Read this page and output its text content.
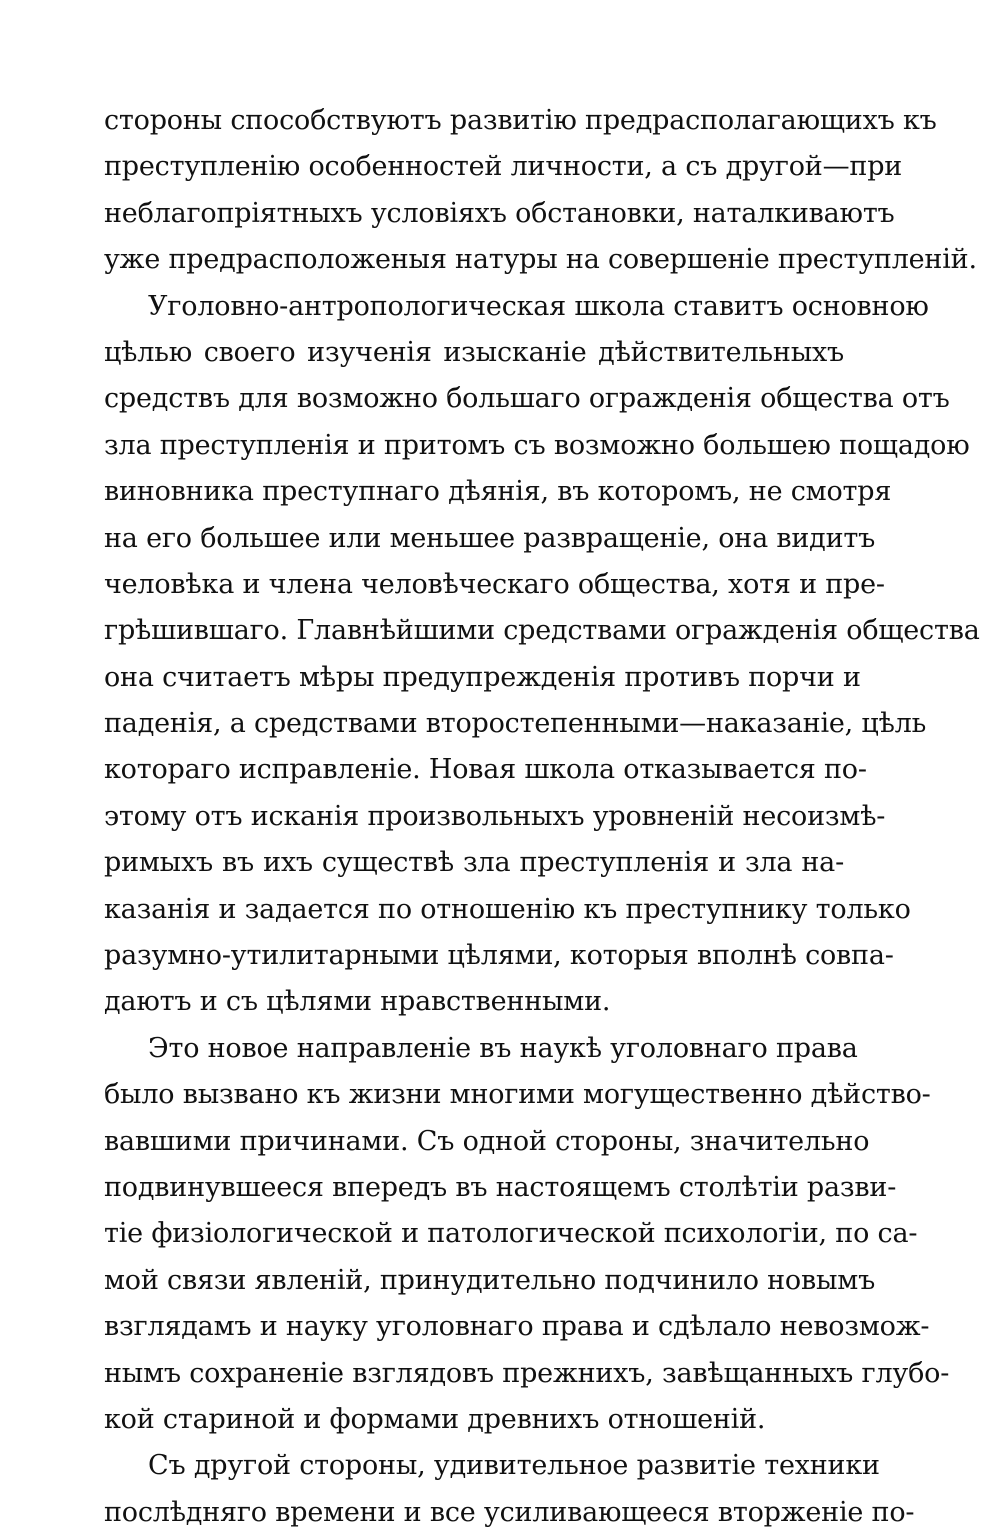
стороны способствуютъ развитію предрасполагающихъ къ
преступленію особенностей личности, а съ другой—при
неблагопріятныхъ условіяхъ обстановки, наталкиваютъ
уже предрасположеныя натуры на совершеніе преступленій.
Уголовно-антропологическая школа ставитъ основною
цѣлью своего изученія изысканіе дѣйствительныхъ
средствъ для возможно большаго огражденія общества отъ
зла преступленія и притомъ съ возможно большею пощадою
виновника преступнаго дѣянія, въ которомъ, не смотря
на его большее или меньшее развращеніе, она видитъ
человѣка и члена человѣческаго общества, хотя и пре-
грѣшившаго. Главнѣйшими средствами огражденія общества
она считаетъ мѣры предупрежденія противъ порчи и
паденія, а средствами второстепенными—наказаніе, цѣль
котораго исправленіе. Новая школа отказывается по-
этому отъ исканія произвольныхъ уровненій несоизмѣ-
римыхъ въ ихъ существѣ зла преступленія и зла на-
казанія и задается по отношенію къ преступнику только
разумно-утилитарными цѣлями, которыя вполнѣ совпа-
даютъ и съ цѣлями нравственными.
Это новое направленіе въ наукѣ уголовнаго права
было вызвано къ жизни многими могущественно дѣйство-
вавшими причинами. Съ одной стороны, значительно
подвинувшееся впередъ въ настоящемъ столѣтіи разви-
тіе физіологической и патологической психологіи, по са-
мой связи явленій, принудительно подчинило новымъ
взглядамъ и науку уголовнаго права и сдѣлало невозмож-
нымъ сохраненіе взглядовъ прежнихъ, завѣщанныхъ глубо-
кой стариной и формами древнихъ отношеній.
Съ другой стороны, удивительное развитіе техники
послѣдняго времени и все усиливающееся вторженіе по-
